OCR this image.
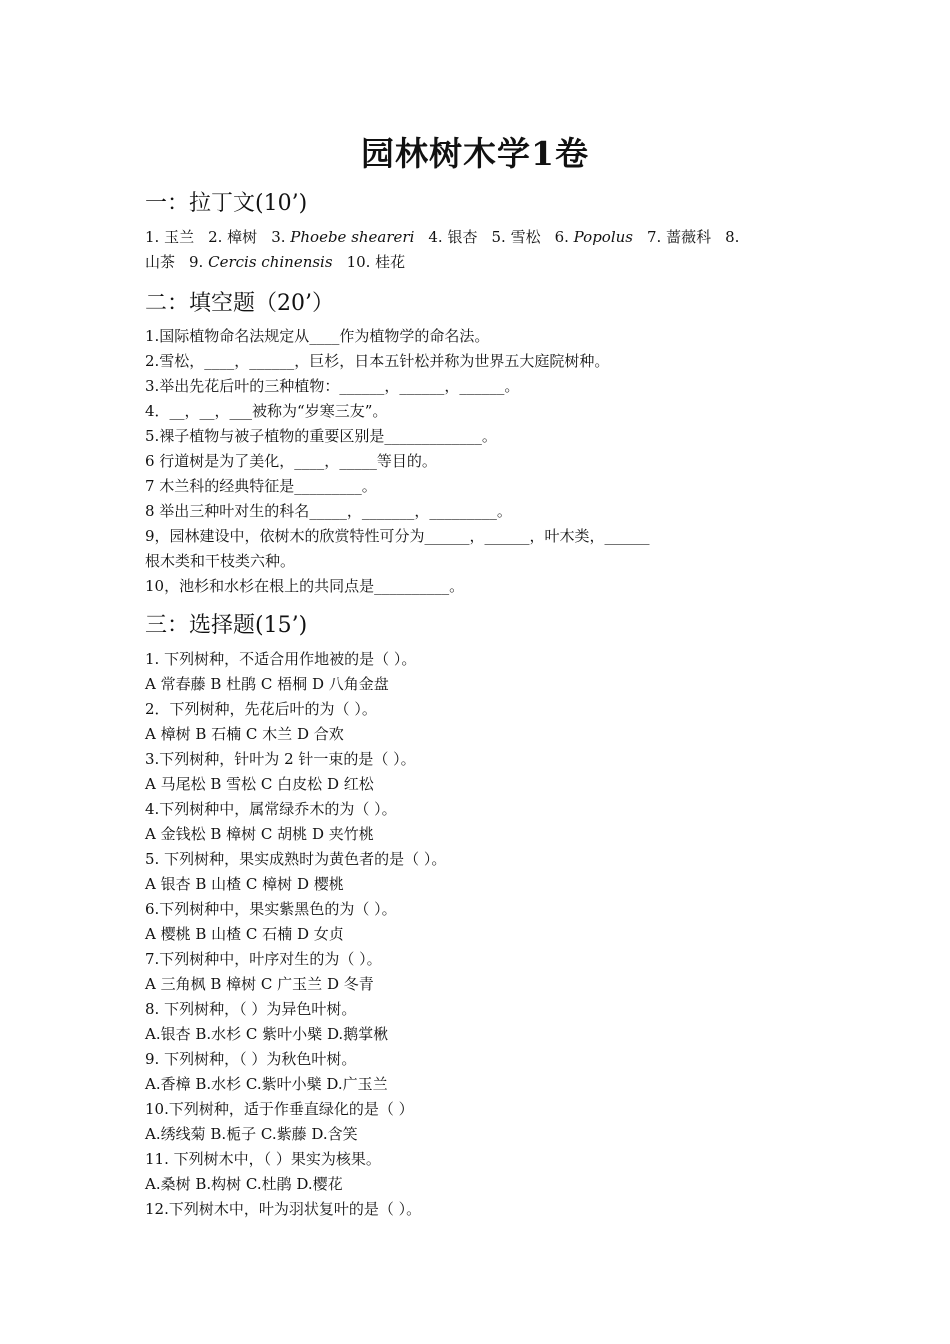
园林树木学1卷
一：拉丁文(10’)
1. 玉兰 2. 樟树 3. Phoebe sheareri 4. 银杏 5. 雪松 6. Popolus 7. 蔷薇科 8.
山茶 9. Cercis chinensis 10. 桂花
二：填空题（20’）
1.国际植物命名法规定从____作为植物学的命名法。
2.雪松，____，______，巨杉，日本五针松并称为世界五大庭院树种。
3.举出先花后叶的三种植物：______，______，______。
4．__，__，___被称为“岁寒三友”。
5.裸子植物与被子植物的重要区别是_____________。
6 行道树是为了美化，____，_____等目的。
7 木兰科的经典特征是_________。
8 举出三种叶对生的科名_____，_______，_________。
9，园林建设中，依树木的欣赏特性可分为______，______，叶木类，______
根木类和干枝类六种。
10，池杉和水杉在根上的共同点是__________。
三：选择题(15’)
1. 下列树种，不适合用作地被的是（ ）。
A 常春藤 B 杜鹃 C 梧桐 D 八角金盘
2．下列树种，先花后叶的为（ ）。
A 樟树 B 石楠 C 木兰 D 合欢
3.下列树种，针叶为 2 针一束的是（ ）。
A 马尾松 B 雪松 C 白皮松 D 红松
4.下列树种中，属常绿乔木的为（ ）。
A 金钱松 B 樟树 C 胡桃 D 夹竹桃
5. 下列树种，果实成熟时为黄色者的是（ ）。
A 银杏 B 山楂 C 樟树 D 樱桃
6.下列树种中，果实紫黑色的为（ ）。
A 樱桃 B 山楂 C 石楠 D 女贞
7.下列树种中，叶序对生的为（ ）。
A 三角枫 B 樟树 C 广玉兰 D 冬青
8. 下列树种，（ ）为异色叶树。
A.银杏 B.水杉 C 紫叶小檗 D.鹅掌楸
9. 下列树种，（ ）为秋色叶树。
A.香樟 B.水杉 C.紫叶小檗 D.广玉兰
10.下列树种，适于作垂直绿化的是（ ）
A.绣线菊 B.栀子 C.紫藤 D.含笑
11. 下列树木中，（ ）果实为核果。
A.桑树 B.构树 C.杜鹃 D.樱花
12.下列树木中，叶为羽状复叶的是（ ）。
